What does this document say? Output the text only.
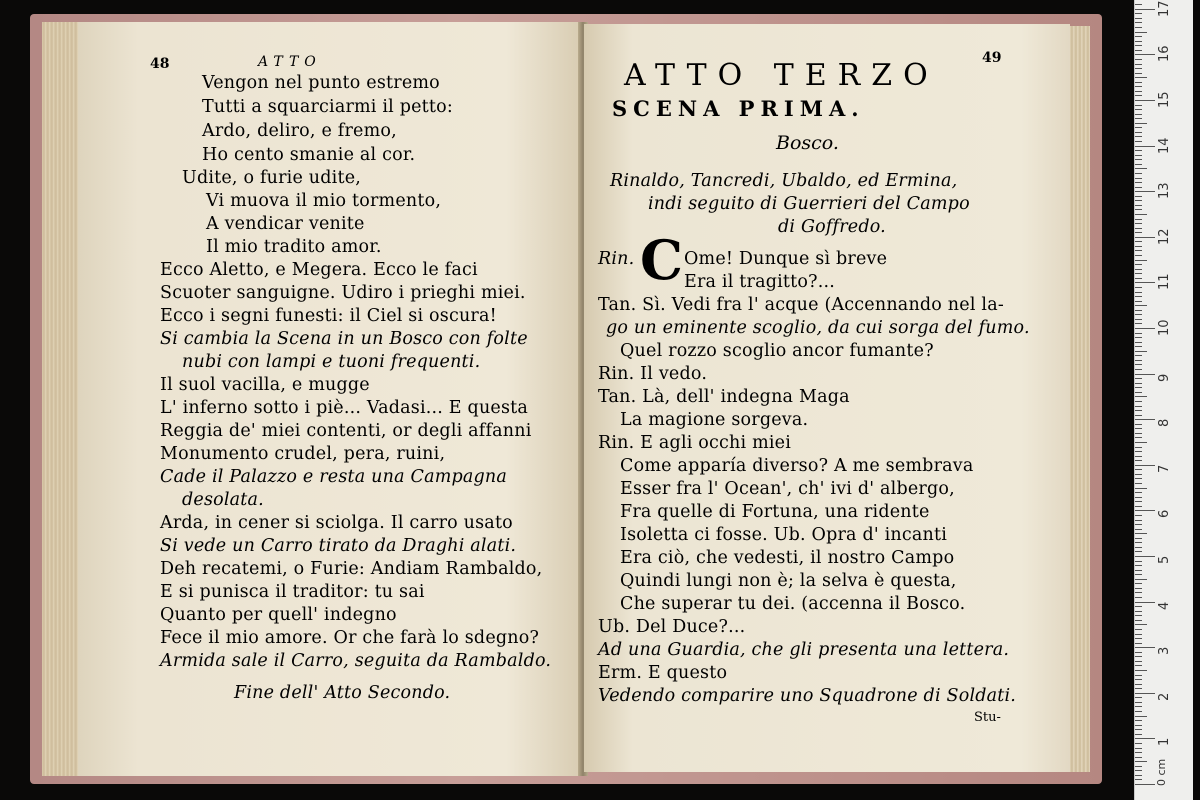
48	ATTO
Vengon nel punto estremo
Tutti a squarciarmi il petto:
Ardo, deliro, e fremo,
Ho cento smanie al cor.
Udite, o furie udite,
Vi muova il mio tormento,
A vendicar venite
Il mio tradito amor.
Ecco Aletto, e Megera. Ecco le faci
Scuoter sanguigne. Udiro i prieghi miei.
Ecco i segni funesti: il Ciel si oscura!
Si cambia la Scena in un Bosco con folte
nubi con lampi e tuoni frequenti.
Il suol vacilla, e mugge
L' inferno sotto i piè... Vadasi... E questa
Reggia de' miei contenti, or degli affanni
Monumento crudel, pera, ruini,
Cade il Palazzo e resta una Campagna
desolata.
Arda, in cener si sciolga. Il carro usato
Si vede un Carro tirato da Draghi alati.
Deh recatemi, o Furie: Andiam Rambaldo,
E si punisca il traditor: tu sai
Quanto per quell' indegno
Fece il mio amore. Or che farà lo sdegno?
Armida sale il Carro, seguita da Rambaldo.
Fine dell' Atto Secondo.
49
ATTO TERZO
SCENA PRIMA.
Bosco.
Rinaldo, Tancredi, Ubaldo, ed Ermina,
indi seguito di Guerrieri del Campo
di Goffredo.
Rin. C Ome! Dunque sì breve
Era il tragitto?...
Tan. Sì. Vedi fra l' acque (Accennando nel la-
go un eminente scoglio, da cui sorga del fumo.
Quel rozzo scoglio ancor fumante?
Rin. Il vedo.
Tan. Là, dell' indegna Maga
La magione sorgeva.
Rin. E agli occhi miei
Come apparía diverso? A me sembrava
Esser fra l' Ocean', ch' ivi d' albergo,
Fra quelle di Fortuna, una ridente
Isoletta ci fosse. Ub. Opra d' incanti
Era ciò, che vedesti, il nostro Campo
Quindi lungi non è; la selva è questa,
Che superar tu dei. (accenna il Bosco.
Ub. Del Duce?...
Ad una Guardia, che gli presenta una lettera.
Erm. E questo
Vedendo comparire uno Squadrone di Soldati.
Stu-
17
16
15
14
13
12
11
10
9
8
7
6
5
4
3
2
1
0 cm
